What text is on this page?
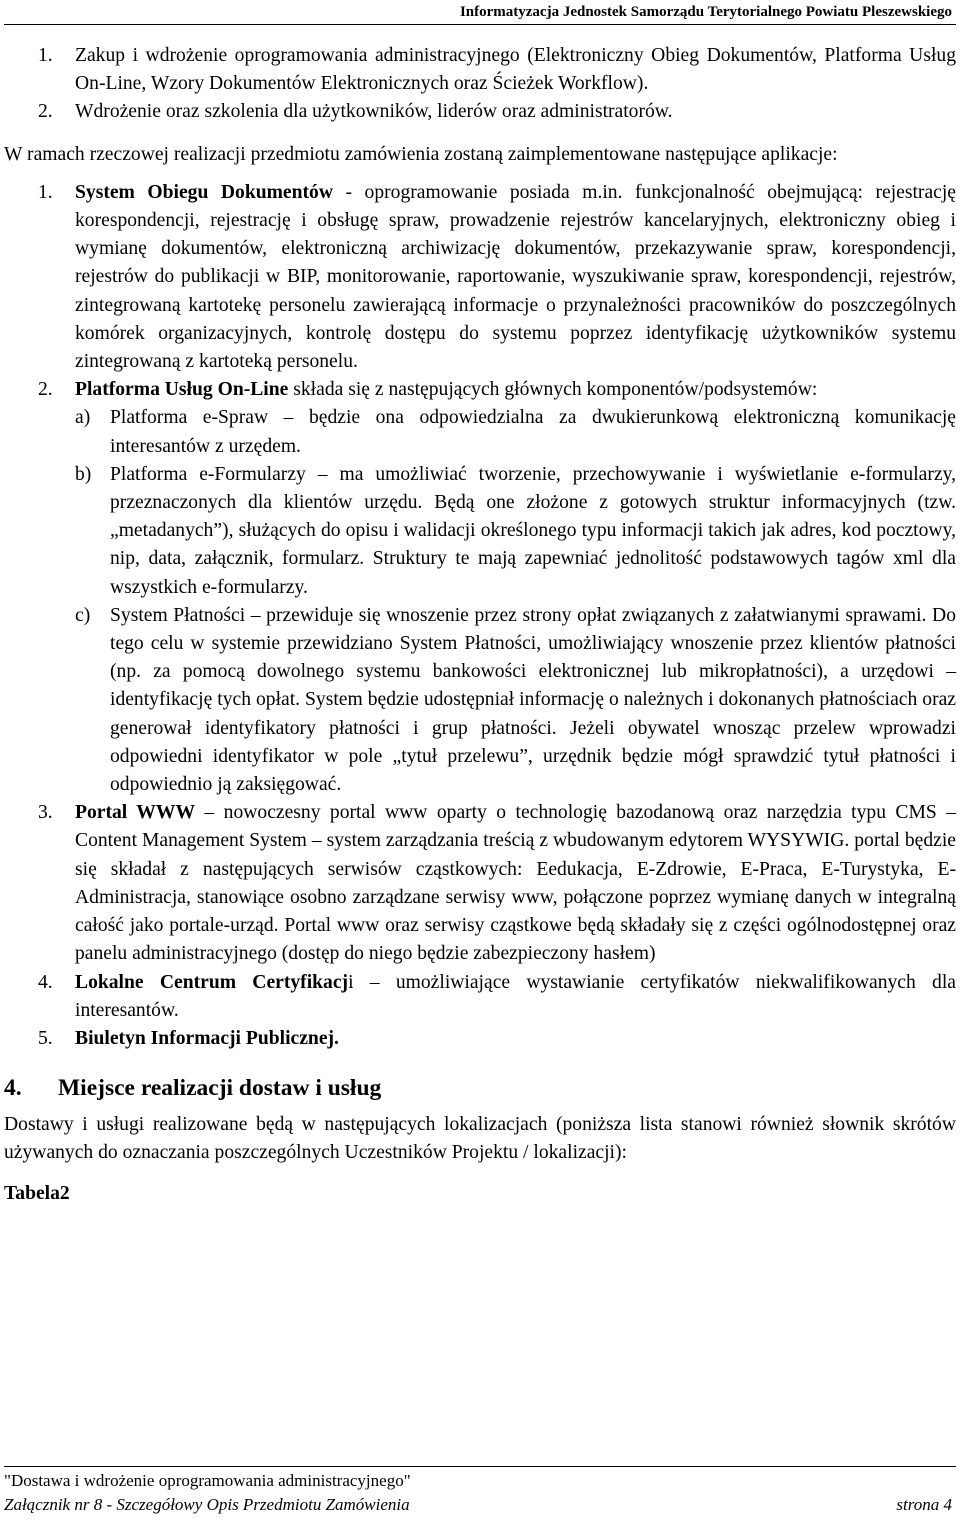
Informatyzacja Jednostek Samorządu Terytorialnego Powiatu Pleszewskiego
1. Zakup i wdrożenie oprogramowania administracyjnego (Elektroniczny Obieg Dokumentów, Platforma Usług On-Line, Wzory Dokumentów Elektronicznych oraz Ścieżek Workflow).
2. Wdrożenie oraz szkolenia dla użytkowników, liderów oraz administratorów.
W ramach rzeczowej realizacji przedmiotu zamówienia zostaną zaimplementowane następujące aplikacje:
1. System Obiegu Dokumentów - oprogramowanie posiada m.in. funkcjonalność obejmującą: rejestrację korespondencji, rejestrację i obsługę spraw, prowadzenie rejestrów kancelaryjnych, elektroniczny obieg i wymianę dokumentów, elektroniczną archiwizację dokumentów, przekazywanie spraw, korespondencji, rejestrów do publikacji w BIP, monitorowanie, raportowanie, wyszukiwanie spraw, korespondencji, rejestrów, zintegrowaną kartotekę personelu zawierającą informacje o przynależności pracowników do poszczególnych komórek organizacyjnych, kontrolę dostępu do systemu poprzez identyfikację użytkowników systemu zintegrowaną z kartoteką personelu.
2. Platforma Usług On-Line składa się z następujących głównych komponentów/podsystemów:
a) Platforma e-Spraw – będzie ona odpowiedzialna za dwukierunkową elektroniczną komunikację interesantów z urzędem.
b) Platforma e-Formularzy – ma umożliwiać tworzenie, przechowywanie i wyświetlanie e-formularzy, przeznaczonych dla klientów urzędu. Będą one złożone z gotowych struktur informacyjnych (tzw. „metadanych”), służących do opisu i walidacji określonego typu informacji takich jak adres, kod pocztowy, nip, data, załącznik, formularz. Struktury te mają zapewniać jednolitość podstawowych tagów xml dla wszystkich e-formularzy.
c) System Płatności – przewiduje się wnoszenie przez strony opłat związanych z załatwianymi sprawami. Do tego celu w systemie przewidziano System Płatności, umożliwiający wnoszenie przez klientów płatności (np. za pomocą dowolnego systemu bankowości elektronicznej lub mikropłatności), a urzędowi – identyfikację tych opłat. System będzie udostępniał informację o należnych i dokonanych płatnościach oraz generował identyfikatory płatności i grup płatności. Jeżeli obywatel wnosząc przelew wprowadzi odpowiedni identyfikator w pole „tytuł przelewu”, urzędnik będzie mógł sprawdzić tytuł płatności i odpowiednio ją zaksięgować.
3. Portal WWW – nowoczesny portal www oparty o technologię bazodanową oraz narzędzia typu CMS – Content Management System – system zarządzania treścią z wbudowanym edytorem WYSYWIG. portal będzie się składał z następujących serwisów cząstkowych: Eedukacja, E-Zdrowie, E-Praca, E-Turystyka, E-Administracja, stanowiące osobno zarządzane serwisy www, połączone poprzez wymianę danych w integralną całość jako portale-urząd. Portal www oraz serwisy cząstkowe będą składały się z części ogólnodostępnej oraz panelu administracyjnego (dostęp do niego będzie zabezpieczony hasłem)
4. Lokalne Centrum Certyfikacji – umożliwiające wystawianie certyfikatów niekwalifikowanych dla interesantów.
5. Biuletyn Informacji Publicznej.
4. Miejsce realizacji dostaw i usług
Dostawy i usługi realizowane będą w następujących lokalizacjach (poniższa lista stanowi również słownik skrótów używanych do oznaczania poszczególnych Uczestników Projektu / lokalizacji):
Tabela2
"Dostawa i wdrożenie oprogramowania administracyjnego"
Załącznik nr 8 - Szczegółowy Opis Przedmiotu Zamówienia	strona 4
